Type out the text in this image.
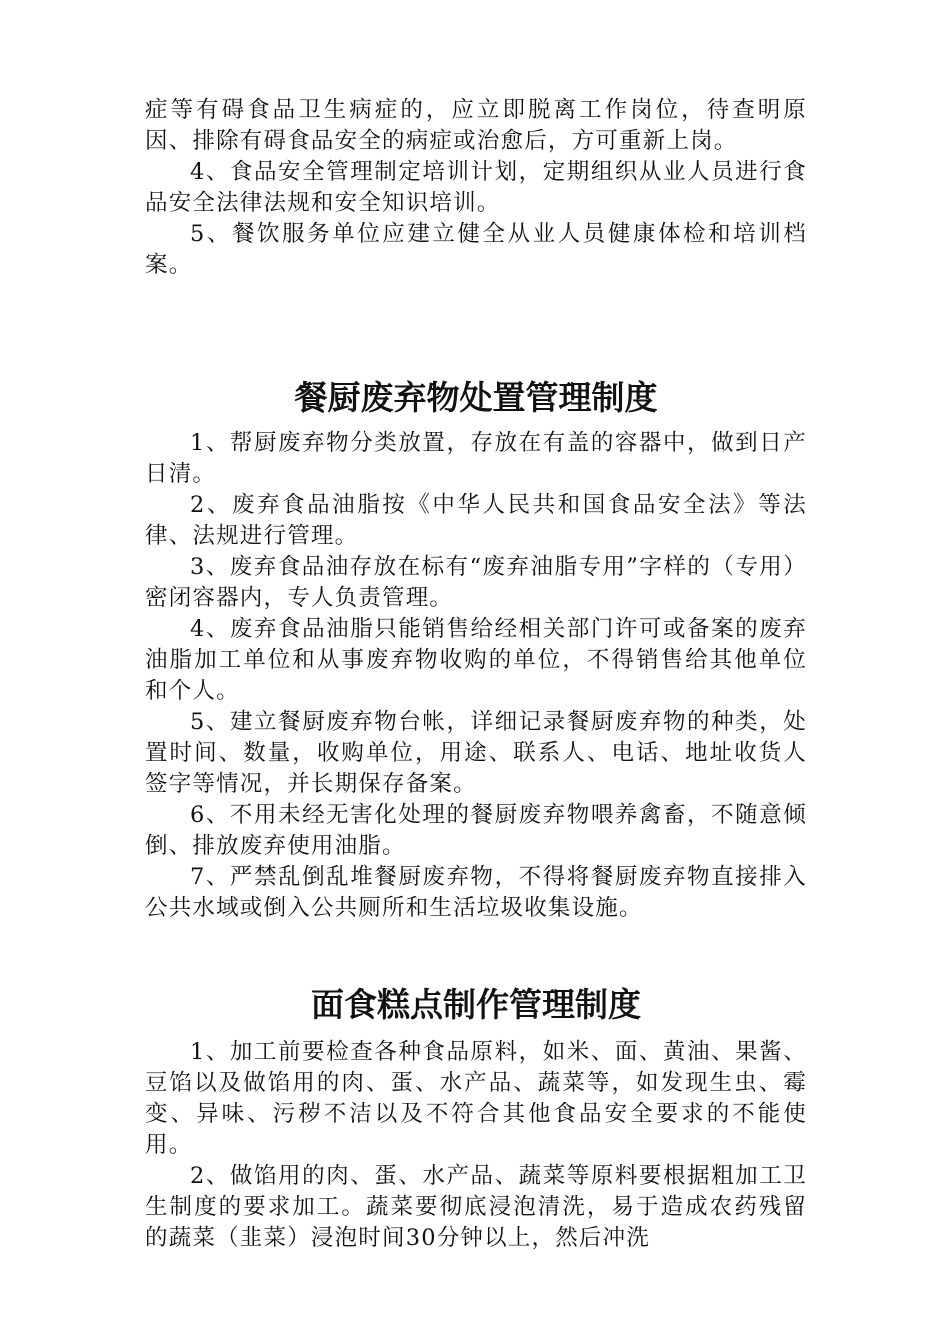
症等有碍食品卫生病症的，应立即脱离工作岗位，待查明原因、排除有碍食品安全的病症或治愈后，方可重新上岗。

4、食品安全管理制定培训计划，定期组织从业人员进行食品安全法律法规和安全知识培训。

5、餐饮服务单位应建立健全从业人员健康体检和培训档案。

餐厨废弃物处置管理制度

1、帮厨废弃物分类放置，存放在有盖的容器中，做到日产日清。

2、废弃食品油脂按《中华人民共和国食品安全法》等法律、法规进行管理。

3、废弃食品油存放在标有“废弃油脂专用”字样的（专用）密闭容器内，专人负责管理。

4、废弃食品油脂只能销售给经相关部门许可或备案的废弃油脂加工单位和从事废弃物收购的单位，不得销售给其他单位和个人。

5、建立餐厨废弃物台帐，详细记录餐厨废弃物的种类，处置时间、数量，收购单位，用途、联系人、电话、地址收货人签字等情况，并长期保存备案。

6、不用未经无害化处理的餐厨废弃物喂养禽畜，不随意倾倒、排放废弃使用油脂。

7、严禁乱倒乱堆餐厨废弃物，不得将餐厨废弃物直接排入公共水域或倒入公共厕所和生活垃圾收集设施。

面食糕点制作管理制度

1、加工前要检查各种食品原料，如米、面、黄油、果酱、豆馅以及做馅用的肉、蛋、水产品、蔬菜等，如发现生虫、霉变、异味、污秽不洁以及不符合其他食品安全要求的不能使用。

2、做馅用的肉、蛋、水产品、蔬菜等原料要根据粗加工卫生制度的要求加工。蔬菜要彻底浸泡清洗，易于造成农药残留的蔬菜（韭菜）浸泡时间30分钟以上，然后冲洗
